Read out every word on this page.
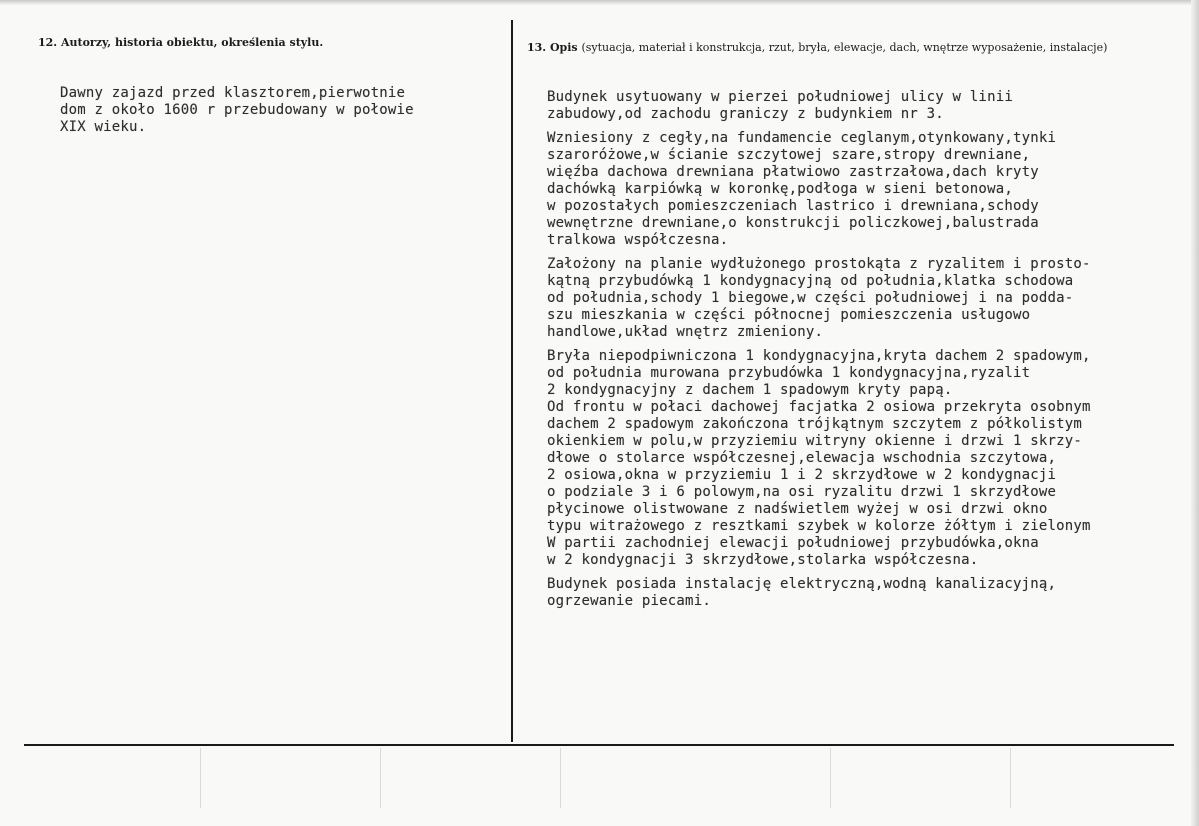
12. Autorzy, historia obiektu, określenia stylu.	13. Opis (sytuacja, materiał i konstrukcja, rzut, bryła, elewacje, dach, wnętrze wyposażenie, instalacje)
Dawny zajazd przed klasztorem,pierwotnie
dom z około 1600 r przebudowany w połowie
XIX wieku.

Budynek usytuowany w pierzei południowej ulicy w linii
zabudowy,od zachodu graniczy z budynkiem nr 3.

Wzniesiony z cegły,na fundamencie ceglanym,otynkowany,tynki
szaroróżowe,w ścianie szczytowej szare,stropy drewniane,
więźba dachowa drewniana płatwiowo zastrzałowa,dach kryty
dachówką karpiówką w koronkę,podłoga w sieni betonowa,
w pozostałych pomieszczeniach lastrico i drewniana,schody
wewnętrzne drewniane,o konstrukcji policzkowej,balustrada
tralkowa współczesna.

Założony na planie wydłużonego prostokąta z ryzalitem i prosto-
kątną przybudówką 1 kondygnacyjną od południa,klatka schodowa
od południa,schody 1 biegowe,w części południowej i na podda-
szu mieszkania w części północnej pomieszczenia usługowo
handlowe,układ wnętrz zmieniony.

Bryła niepodpiwniczona 1 kondygnacyjna,kryta dachem 2 spadowym,
od południa murowana przybudówka 1 kondygnacyjna,ryzalit
2 kondygnacyjny z dachem 1 spadowym kryty papą.
Od frontu w połaci dachowej facjatka 2 osiowa przekryta osobnym
dachem 2 spadowym zakończona trójkątnym szczytem z półkolistym
okienkiem w polu,w przyziemiu witryny okienne i drzwi 1 skrzy-
dłowe o stolarce współczesnej,elewacja wschodnia szczytowa,
2 osiowa,okna w przyziemiu 1 i 2 skrzydłowe w 2 kondygnacji
o podziale 3 i 6 polowym,na osi ryzalitu drzwi 1 skrzydłowe
płycinowe olistwowane z nadświetlem wyżej w osi drzwi okno
typu witrażowego z resztkami szybek w kolorze żółtym i zielonym
W partii zachodniej elewacji południowej przybudówka,okna
w 2 kondygnacji 3 skrzydłowe,stolarka współczesna.

Budynek posiada instalację elektryczną,wodną kanalizacyjną,
ogrzewanie piecami.
